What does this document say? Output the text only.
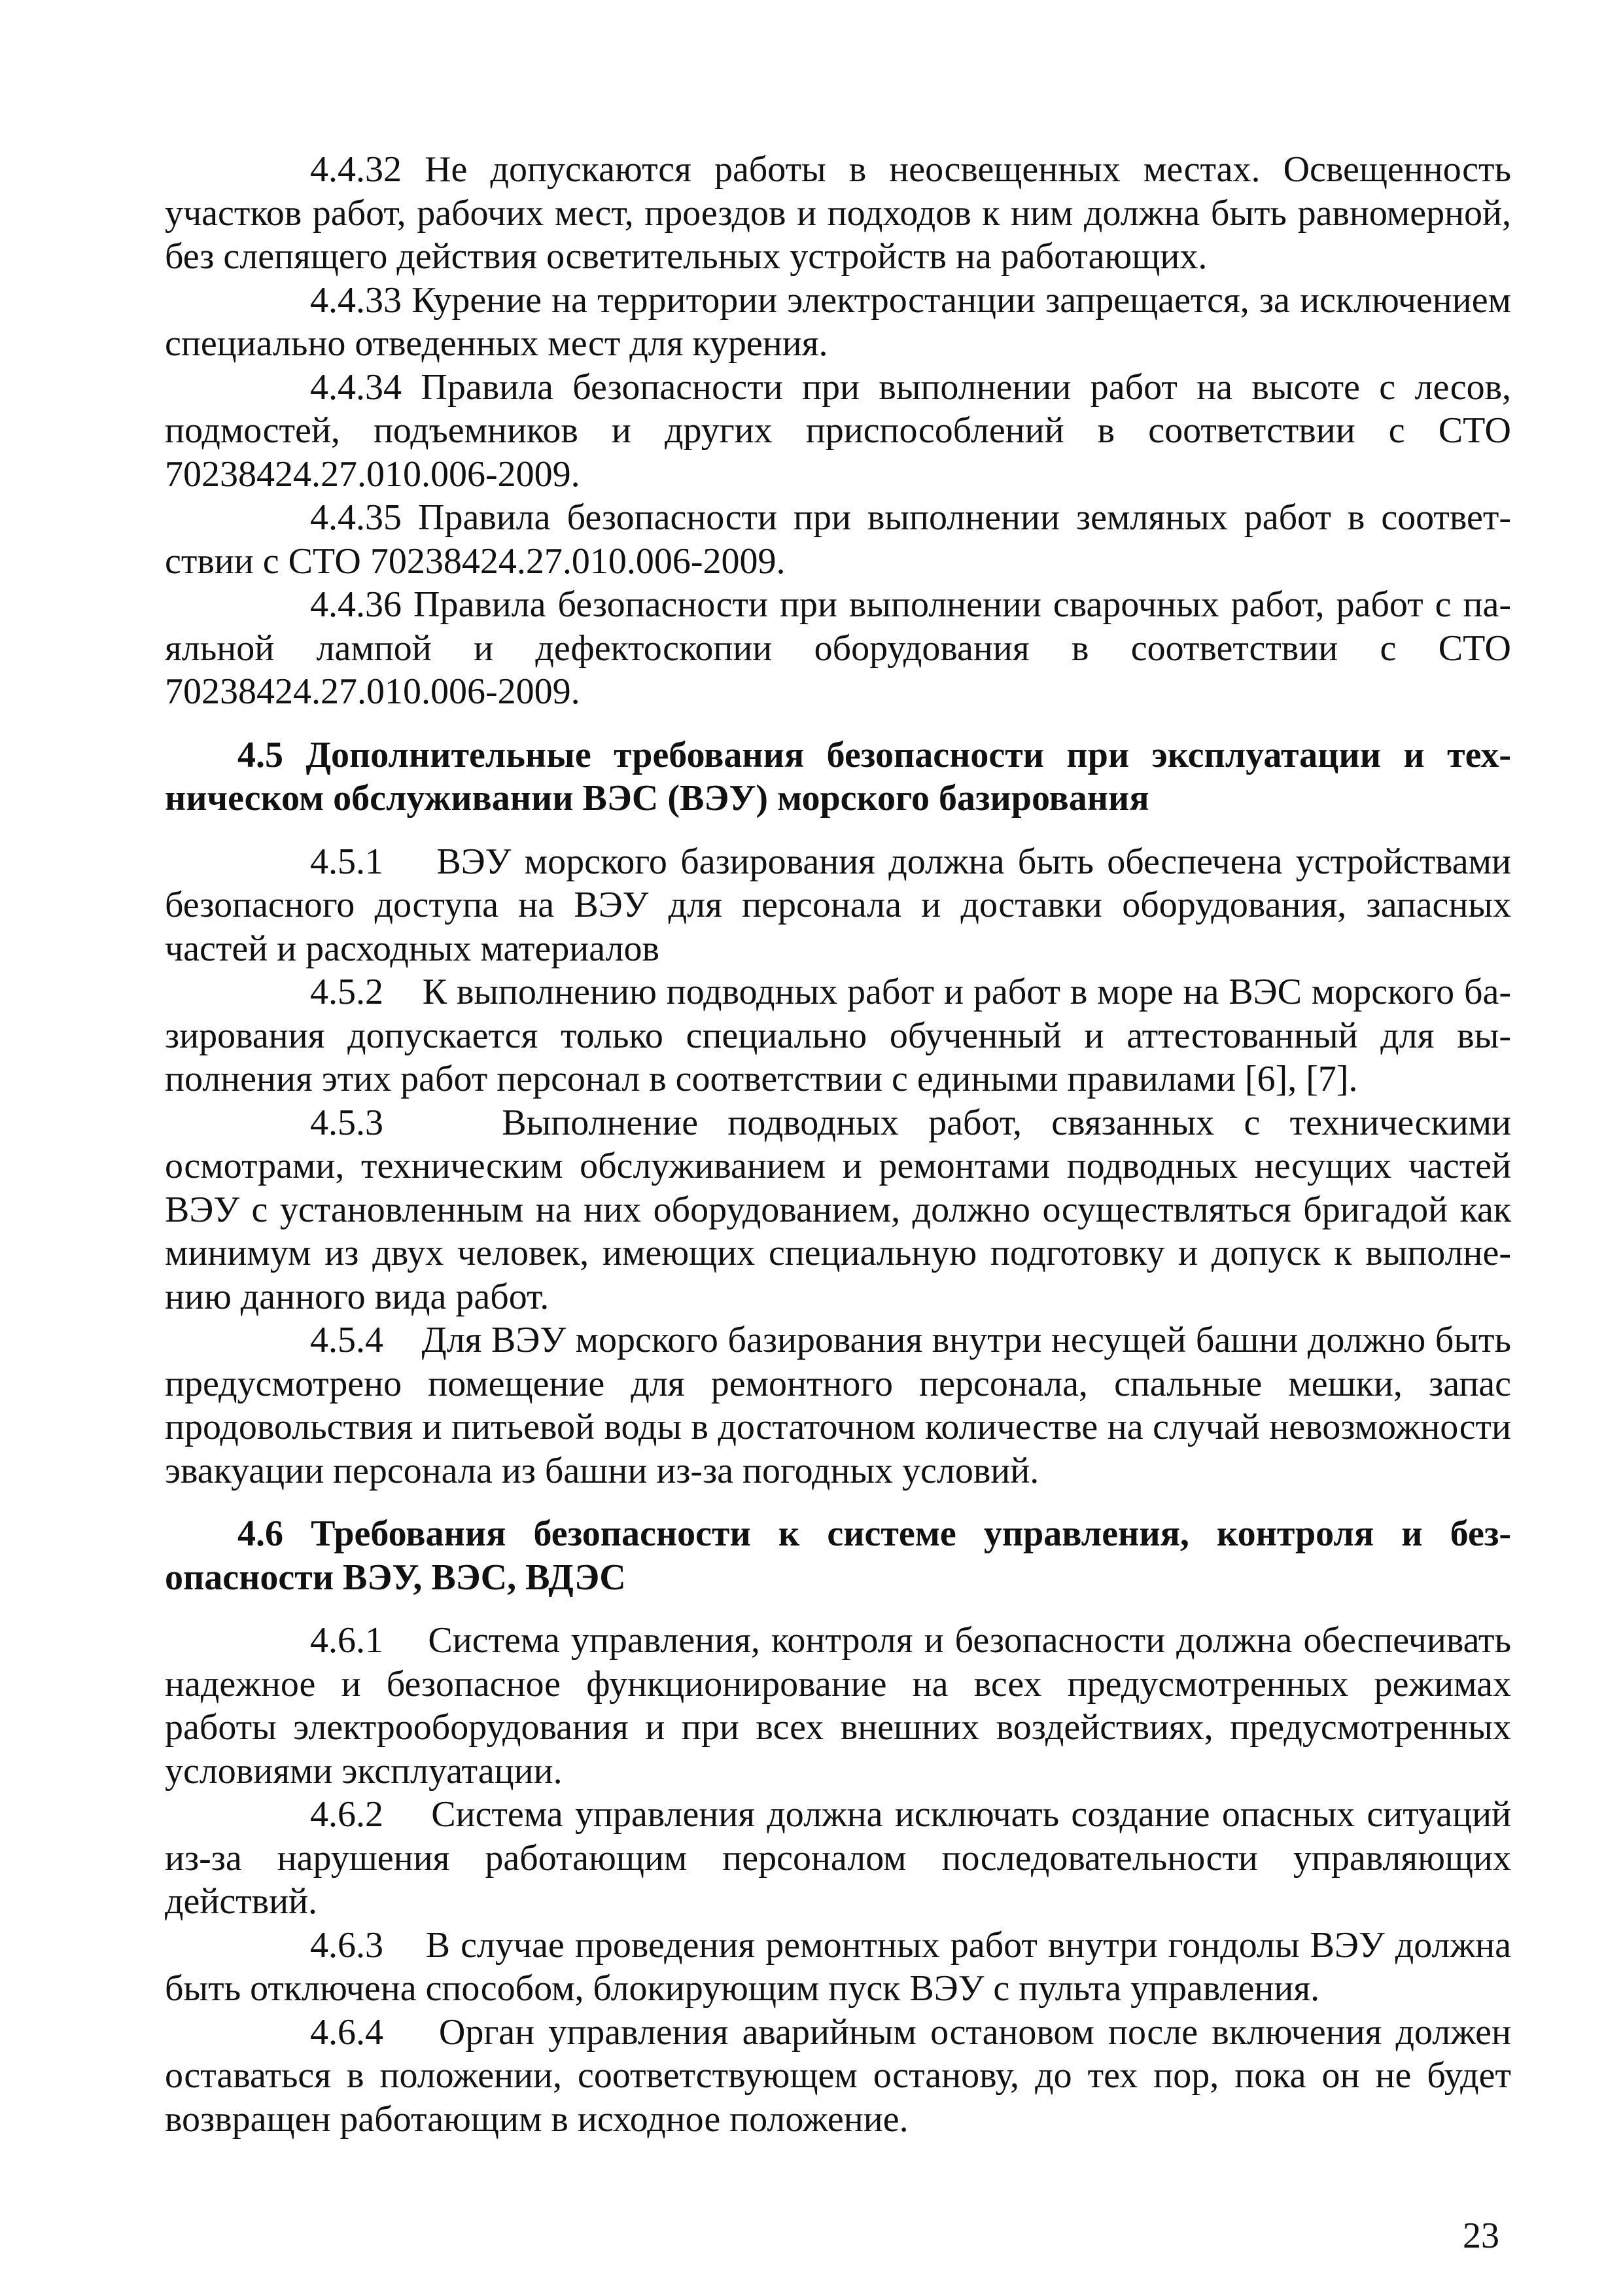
4.4.32 Не допускаются работы в неосвещенных местах. Освещенность участков работ, рабочих мест, проездов и подходов к ним должна быть равномерной, без слепящего действия осветительных устройств на работающих.

4.4.33 Курение на территории электростанции запрещается, за исключением специально отведенных мест для курения.

4.4.34 Правила безопасности при выполнении работ на высоте с лесов, подмостей, подъемников и других приспособлений в соответствии с СТО 70238424.27.010.006-2009.

4.4.35 Правила безопасности при выполнении земляных работ в соответствии с СТО 70238424.27.010.006-2009.

4.4.36 Правила безопасности при выполнении сварочных работ, работ с паяльной лампой и дефектоскопии оборудования в соответствии с СТО 70238424.27.010.006-2009.

4.5 Дополнительные требования безопасности при эксплуатации и техническом обслуживании ВЭС (ВЭУ) морского базирования

4.5.1 ВЭУ морского базирования должна быть обеспечена устройствами безопасного доступа на ВЭУ для персонала и доставки оборудования, запасных частей и расходных материалов

4.5.2 К выполнению подводных работ и работ в море на ВЭС морского базирования допускается только специально обученный и аттестованный для выполнения этих работ персонал в соответствии с едиными правилами [6], [7].

4.5.3	Выполнение подводных работ, связанных с техническими осмотрами, техническим обслуживанием и ремонтами подводных несущих частей ВЭУ с установленным на них оборудованием, должно осуществляться бригадой как минимум из двух человек, имеющих специальную подготовку и допуск к выполнению данного вида работ.

4.5.4 Для ВЭУ морского базирования внутри несущей башни должно быть предусмотрено помещение для ремонтного персонала, спальные мешки, запас продовольствия и питьевой воды в достаточном количестве на случай невозможности эвакуации персонала из башни из-за погодных условий.

4.6 Требования безопасности к системе управления, контроля и безопасности ВЭУ, ВЭС, ВДЭС

4.6.1 Система управления, контроля и безопасности должна обеспечивать надежное и безопасное функционирование на всех предусмотренных режимах работы электрооборудования и при всех внешних воздействиях, предусмотренных условиями эксплуатации.

4.6.2 Система управления должна исключать создание опасных ситуаций из-за нарушения работающим персоналом последовательности управляющих действий.

4.6.3 В случае проведения ремонтных работ внутри гондолы ВЭУ должна быть отключена способом, блокирующим пуск ВЭУ с пульта управления.

4.6.4 Орган управления аварийным остановом после включения должен оставаться в положении, соответствующем останову, до тех пор, пока он не будет возвращен работающим в исходное положение.

23
